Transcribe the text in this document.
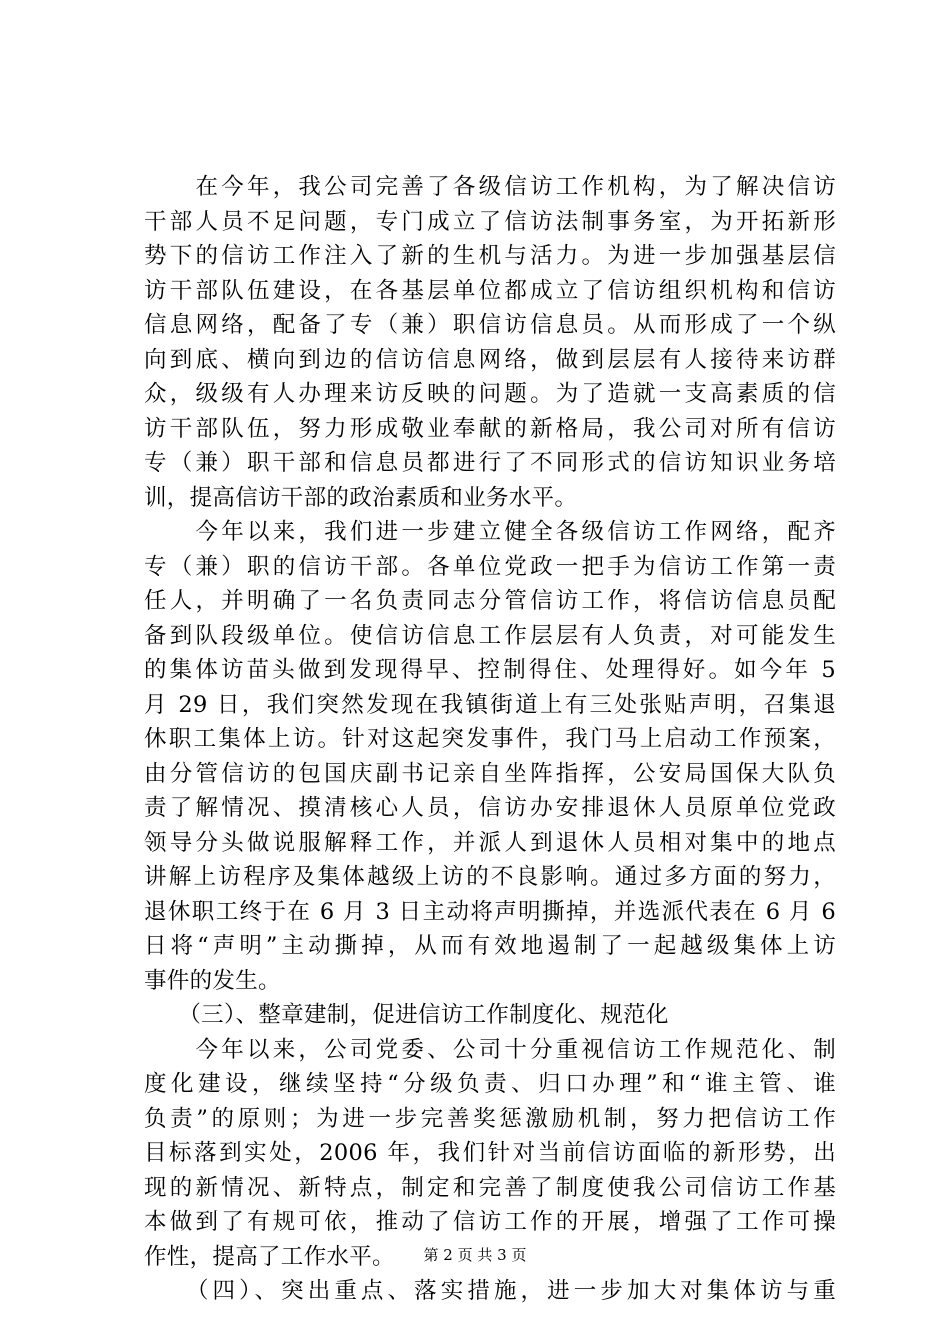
　　在今年，我公司完善了各级信访工作机构，为了解决信访
干部人员不足问题，专门成立了信访法制事务室，为开拓新形
势下的信访工作注入了新的生机与活力。为进一步加强基层信
访干部队伍建设，在各基层单位都成立了信访组织机构和信访
信息网络，配备了专（兼）职信访信息员。从而形成了一个纵
向到底、横向到边的信访信息网络，做到层层有人接待来访群
众，级级有人办理来访反映的问题。为了造就一支高素质的信
访干部队伍，努力形成敬业奉献的新格局，我公司对所有信访
专（兼）职干部和信息员都进行了不同形式的信访知识业务培
训，提高信访干部的政治素质和业务水平。
　　今年以来，我们进一步建立健全各级信访工作网络，配齐
专（兼）职的信访干部。各单位党政一把手为信访工作第一责
任人，并明确了一名负责同志分管信访工作，将信访信息员配
备到队段级单位。使信访信息工作层层有人负责，对可能发生
的集体访苗头做到发现得早、控制得住、处理得好。如今年 5
月 29 日，我们突然发现在我镇街道上有三处张贴声明，召集退
休职工集体上访。针对这起突发事件，我门马上启动工作预案，
由分管信访的包国庆副书记亲自坐阵指挥，公安局国保大队负
责了解情况、摸清核心人员，信访办安排退休人员原单位党政
领导分头做说服解释工作，并派人到退休人员相对集中的地点
讲解上访程序及集体越级上访的不良影响。通过多方面的努力，
退休职工终于在 6 月 3 日主动将声明撕掉，并选派代表在 6 月 6
日将“声明”主动撕掉，从而有效地遏制了一起越级集体上访
事件的发生。
　　（三）、整章建制，促进信访工作制度化、规范化
　　今年以来，公司党委、公司十分重视信访工作规范化、制
度化建设，继续坚持“分级负责、归口办理”和“谁主管、谁
负责”的原则；为进一步完善奖惩激励机制，努力把信访工作
目标落到实处，2006 年，我们针对当前信访面临的新形势，出
现的新情况、新特点，制定和完善了制度使我公司信访工作基
本做到了有规可依，推动了信访工作的开展，增强了工作可操
作性，提高了工作水平。
　　（四）、突出重点、落实措施，进一步加大对集体访与重
第 2 页 共 3 页
